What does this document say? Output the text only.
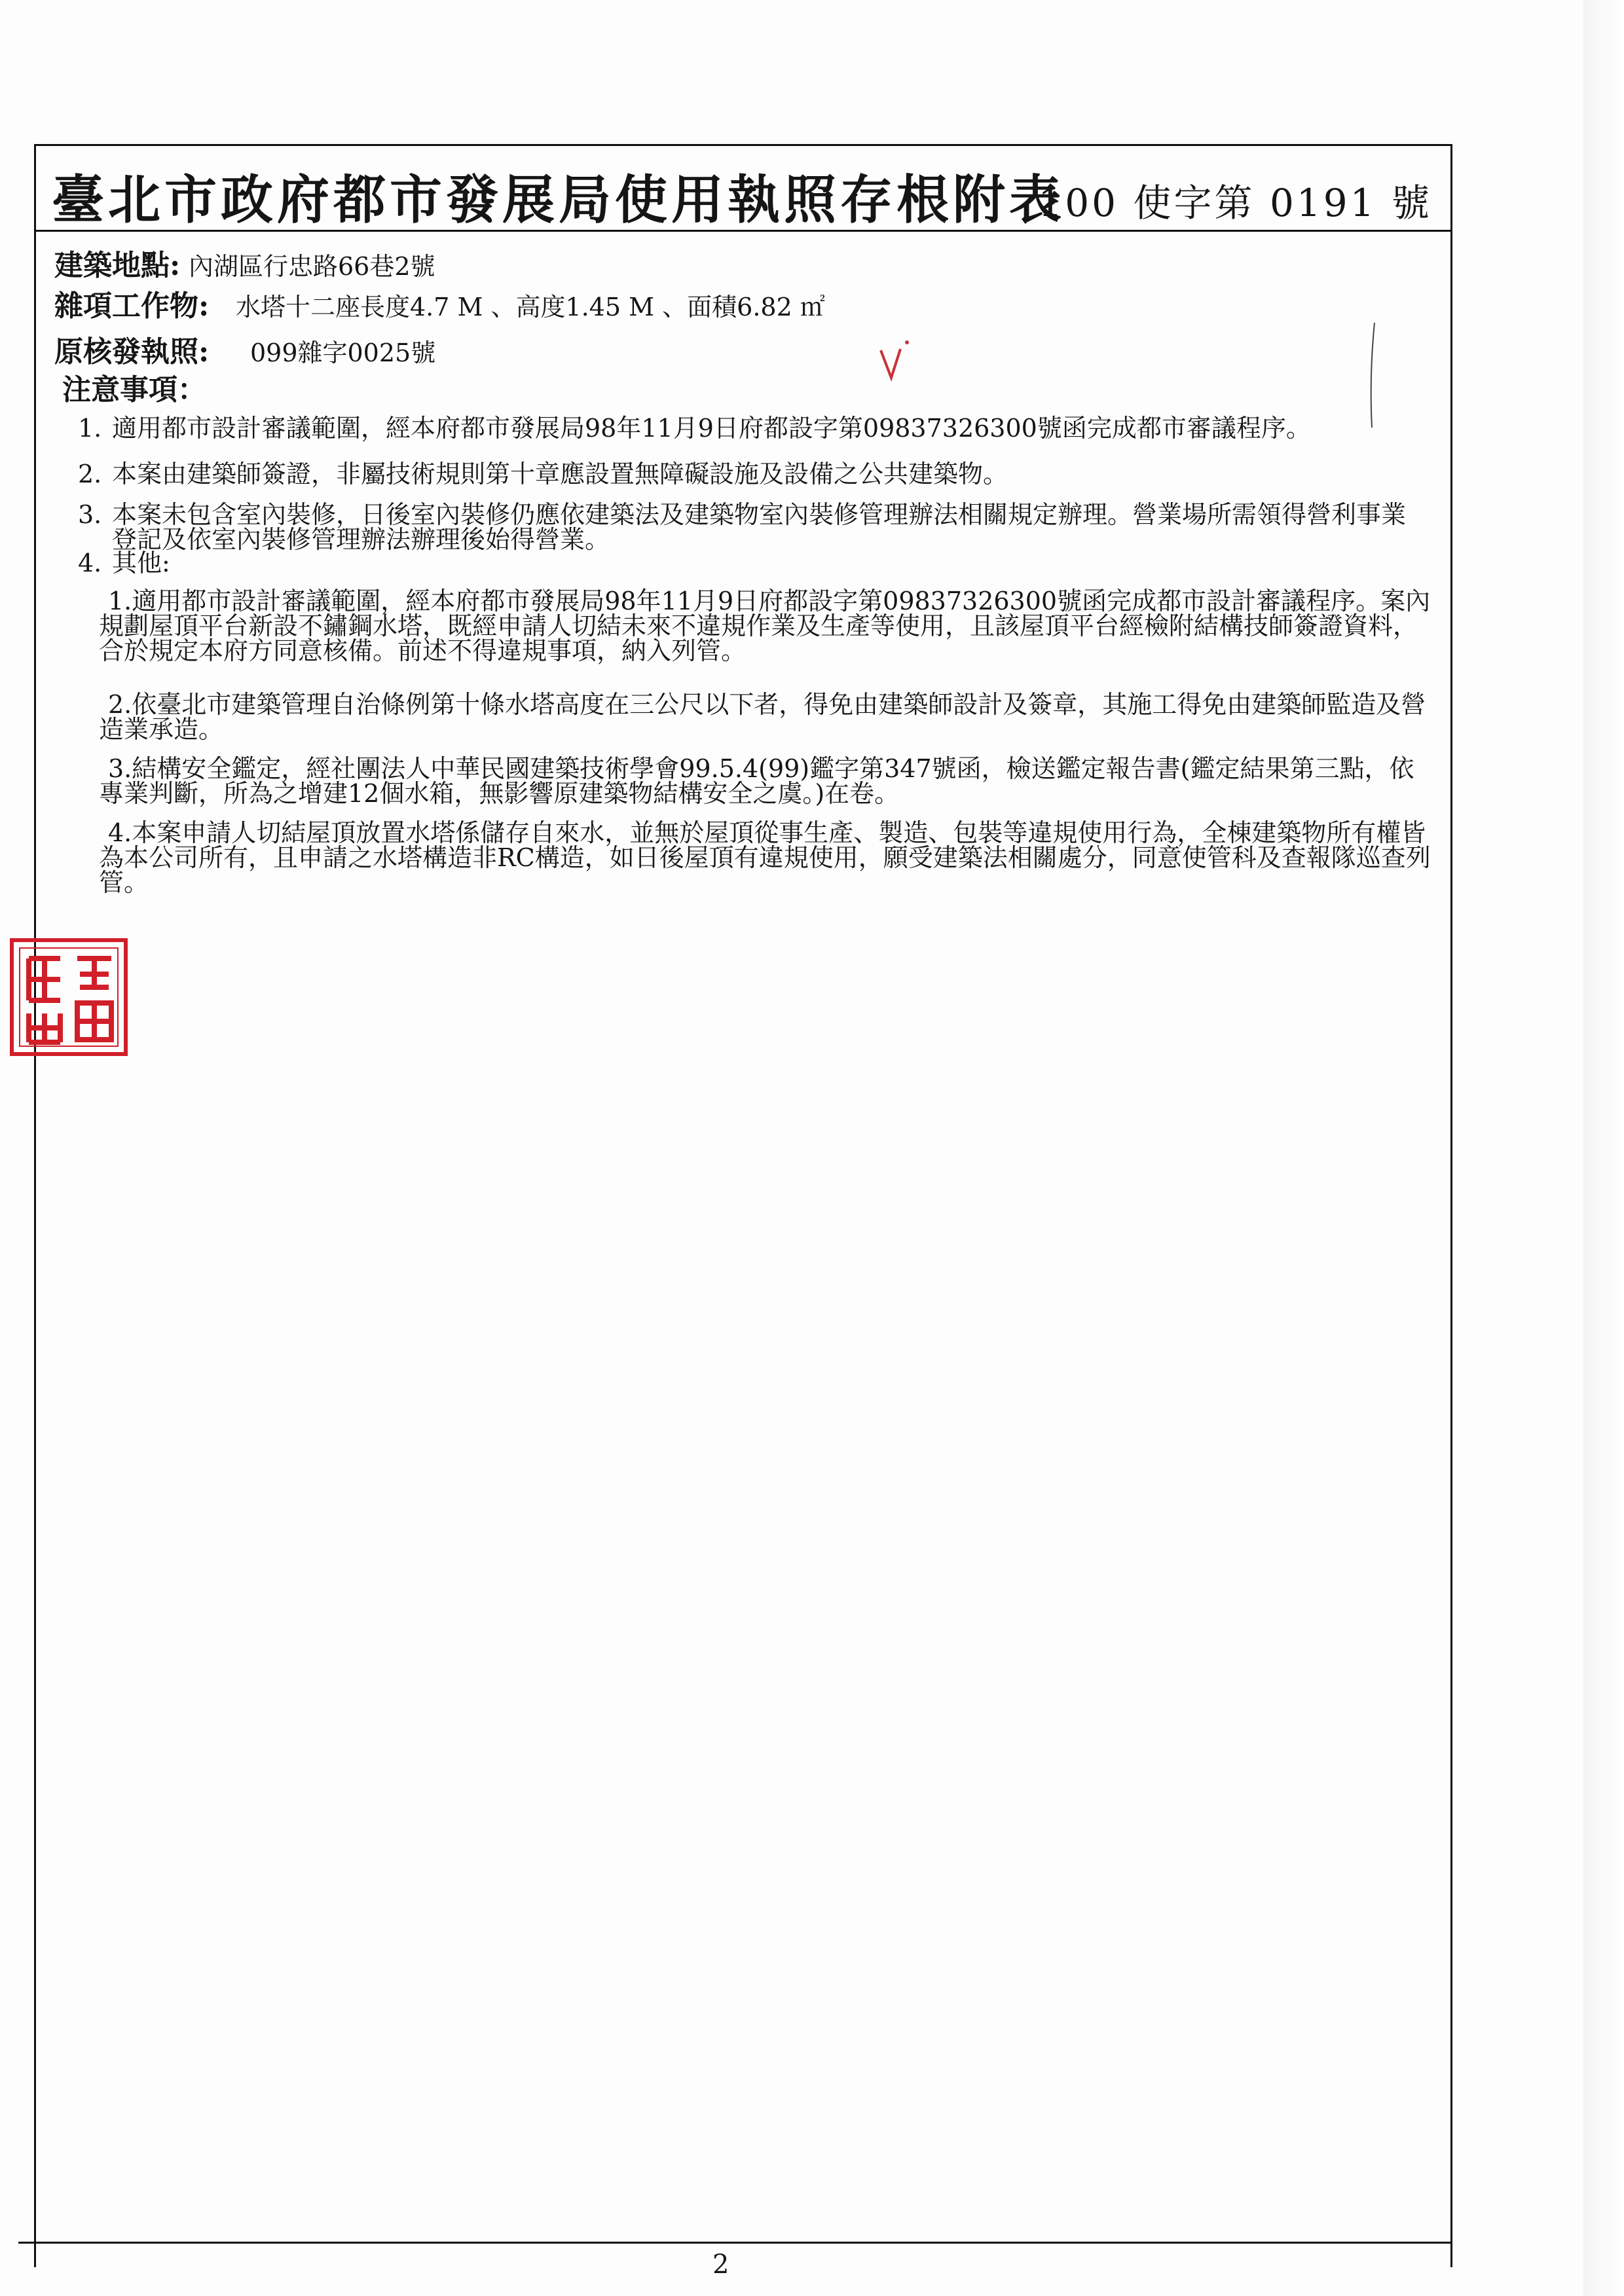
臺北市政府都市發展局使用執照存根附表
100 使字第 0191 號
建築地點: 內湖區行忠路66巷2號
雜項工作物: 水塔十二座長度4.7 M 、高度1.45 M 、面積6.82 ㎡
原核發執照: 099雜字0025號
注意事項：
1. 適用都市設計審議範圍，經本府都市發展局98年11月9日府都設字第09837326300號函完成都市審議程序。
2. 本案由建築師簽證，非屬技術規則第十章應設置無障礙設施及設備之公共建築物。
3. 本案未包含室內裝修，日後室內裝修仍應依建築法及建築物室內裝修管理辦法相關規定辦理。營業場所需領得營利事業登記及依室內裝修管理辦法辦理後始得營業。
4. 其他:
1.適用都市設計審議範圍，經本府都市發展局98年11月9日府都設字第09837326300號函完成都市設計審議程序。案內規劃屋頂平台新設不鏽鋼水塔，既經申請人切結未來不違規作業及生產等使用，且該屋頂平台經檢附結構技師簽證資料，合於規定本府方同意核備。前述不得違規事項，納入列管。
2.依臺北市建築管理自治條例第十條水塔高度在三公尺以下者，得免由建築師設計及簽章，其施工得免由建築師監造及營造業承造。
3.結構安全鑑定，經社團法人中華民國建築技術學會99.5.4(99)鑑字第347號函，檢送鑑定報告書(鑑定結果第三點，依專業判斷，所為之增建12個水箱，無影響原建築物結構安全之虞。)在卷。
4.本案申請人切結屋頂放置水塔係儲存自來水，並無於屋頂從事生產、製造、包裝等違規使用行為，全棟建築物所有權皆為本公司所有，且申請之水塔構造非RC構造，如日後屋頂有違規使用，願受建築法相關處分，同意使管科及查報隊巡查列管。
2
